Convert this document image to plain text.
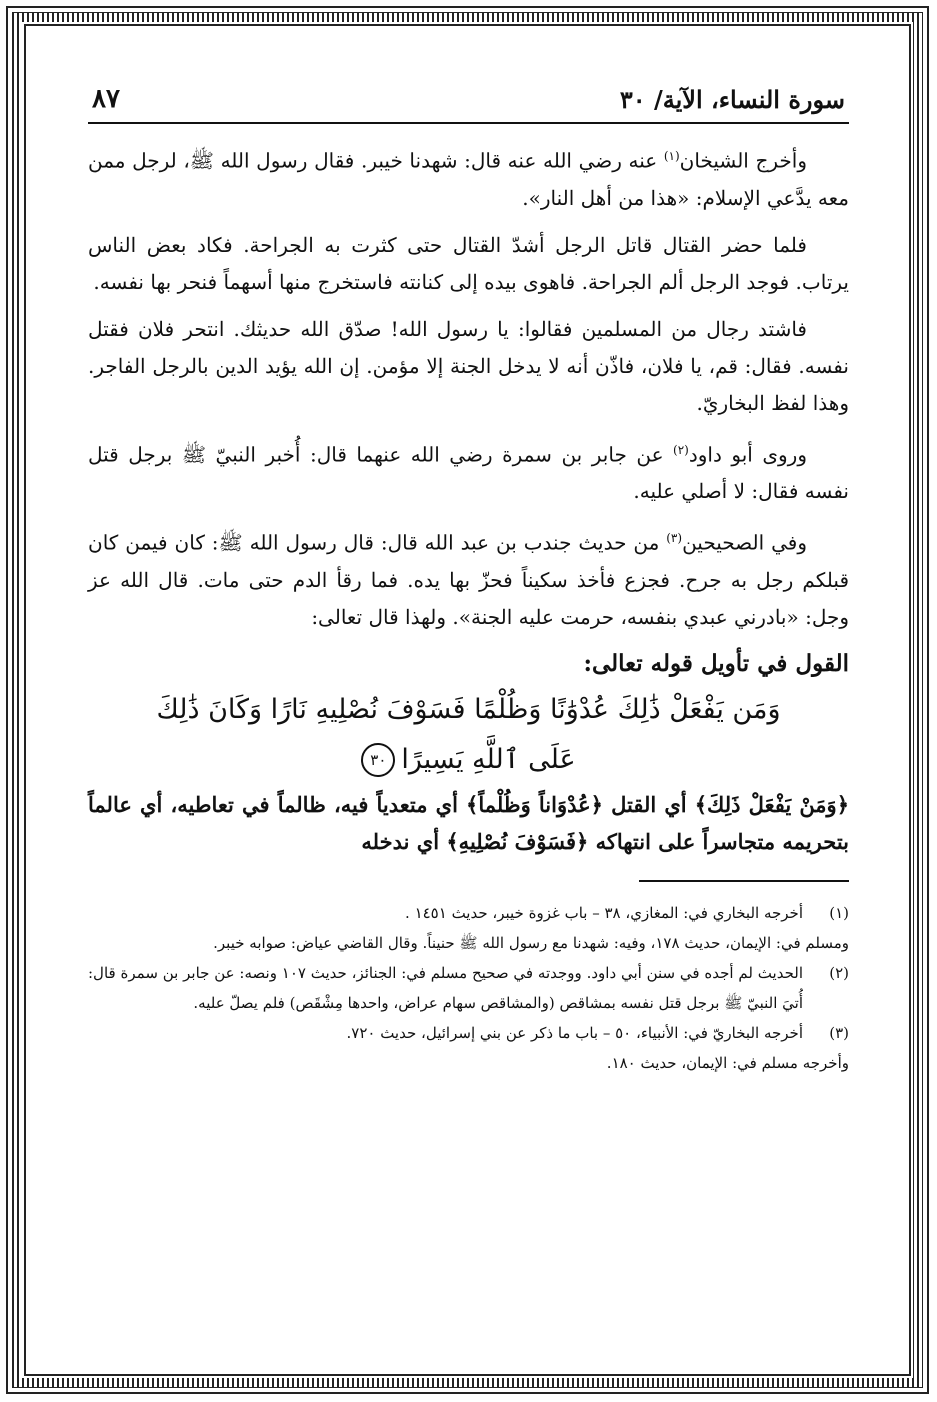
سورة النساء، الآية/ ٣٠
٨٧

وأخرج الشيخان$^{(١)}$ عنه رضي الله عنه قال: شهدنا خيبر. فقال رسول الله ﷺ، لرجل ممن معه يدَّعي الإسلام: «هذا من أهل النار».

فلما حضر القتال قاتل الرجل أشدّ القتال حتى كثرت به الجراحة. فكاد بعض الناس يرتاب. فوجد الرجل ألم الجراحة. فاهوى بيده إلى كنانته فاستخرج منها أسهماً فنحر بها نفسه.

فاشتد رجال من المسلمين فقالوا: يا رسول الله! صدّق الله حديثك. انتحر فلان فقتل نفسه. فقال: قم، يا فلان، فاذّن أنه لا يدخل الجنة إلا مؤمن. إن الله يؤيد الدين بالرجل الفاجر. وهذا لفظ البخاريّ.

وروى أبو داود$^{(٢)}$ عن جابر بن سمرة رضي الله عنهما قال: أُخبر النبيّ ﷺ برجل قتل نفسه فقال: لا أصلي عليه.

وفي الصحيحين$^{(٣)}$ من حديث جندب بن عبد الله قال: قال رسول الله ﷺ: كان فيمن كان قبلكم رجل به جرح. فجزع فأخذ سكيناً فحزّ بها يده. فما رقأ الدم حتى مات. قال الله عز وجل: «بادرني عبدي بنفسه، حرمت عليه الجنة». ولهذا قال تعالى:

القول في تأويل قوله تعالى:
وَمَن يَفْعَلْ ذَٰلِكَ عُدْوَٰنًا وَظُلْمًا فَسَوْفَ نُصْلِيهِ نَارًا وَكَانَ ذَٰلِكَ
عَلَى ٱللَّهِ يَسِيرًا٣٠

﴿وَمَنْ يَفْعَلْ ذَلِكَ﴾ أي القتل ﴿عُدْوَاناً وَظُلْماً﴾ أي متعدياً فيه، ظالماً في تعاطيه، أي عالماً بتحريمه متجاسراً على انتهاكه ﴿فَسَوْفَ نُصْلِيهِ﴾ أي ندخله

(١)
أخرجه البخاري في: المغازي، ٣٨ – باب غزوة خيبر، حديث ١٤٥١ .
ومسلم في: الإيمان، حديث ١٧٨، وفيه: شهدنا مع رسول الله ﷺ حنيناً. وقال القاضي عياض: صوابه خيبر.
(٢)
الحديث لم أجده في سنن أبي داود. ووجدته في صحيح مسلم في: الجنائز، حديث ١٠٧ ونصه: عن جابر بن سمرة قال: أُتيَ النبيّ ﷺ برجل قتل نفسه بمشاقص (والمشاقص سهام عراض، واحدها مِشْقَص) فلم يصلّ عليه.
(٣)
أخرجه البخاريّ في: الأنبياء، ٥٠ – باب ما ذكر عن بني إسرائيل، حديث ٧٢٠.
وأخرجه مسلم في: الإيمان، حديث ١٨٠.
